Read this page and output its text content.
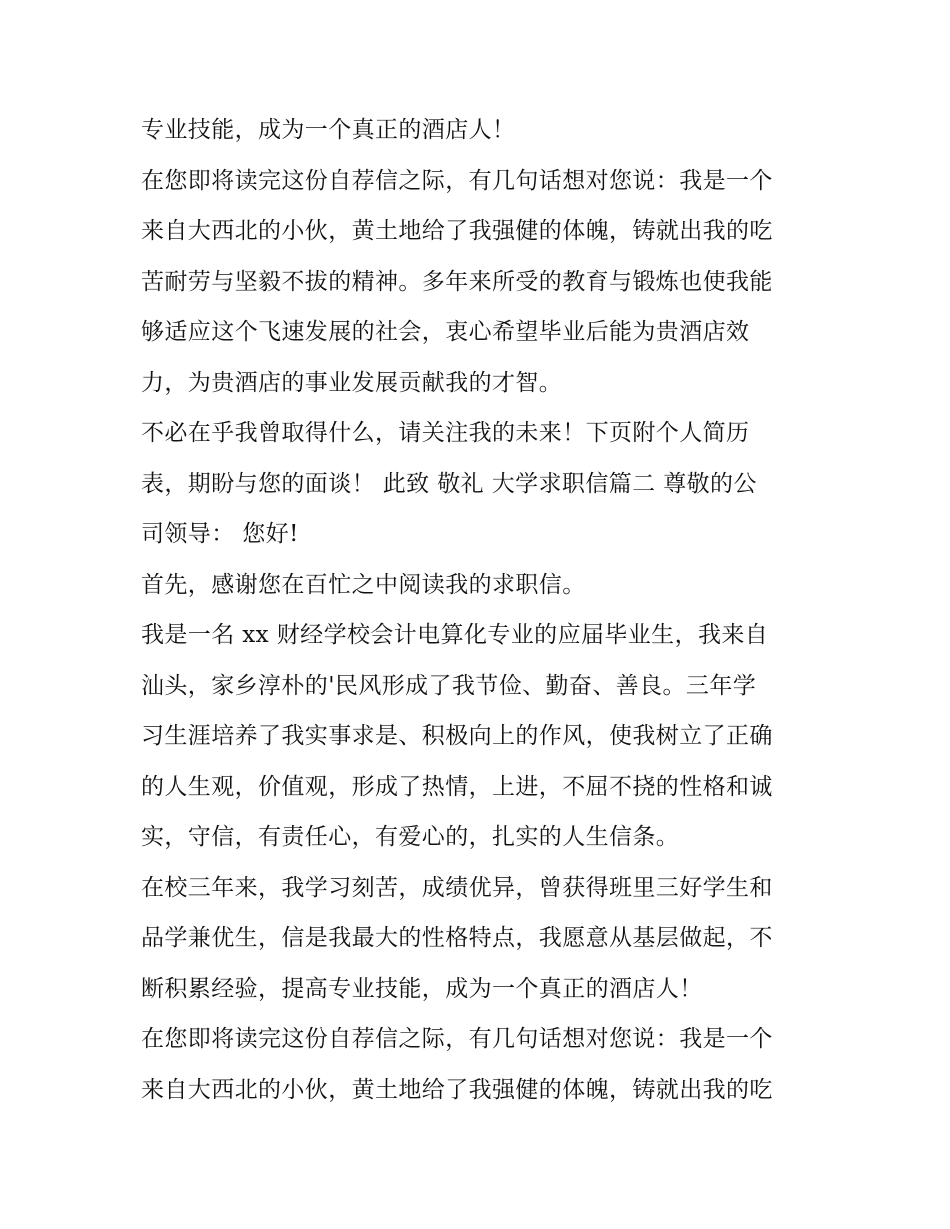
专业技能，成为一个真正的酒店人！
在您即将读完这份自荐信之际，有几句话想对您说：我是一个
来自大西北的小伙，黄土地给了我强健的体魄，铸就出我的吃
苦耐劳与坚毅不拔的精神。多年来所受的教育与锻炼也使我能
够适应这个飞速发展的社会，衷心希望毕业后能为贵酒店效
力，为贵酒店的事业发展贡献我的才智。
不必在乎我曾取得什么，请关注我的未来！下页附个人简历
表，期盼与您的面谈！ 此致 敬礼 大学求职信篇二 尊敬的公
司领导： 您好!
首先，感谢您在百忙之中阅读我的求职信。
我是一名 xx 财经学校会计电算化专业的应届毕业生，我来自
汕头，家乡淳朴的'民风形成了我节俭、勤奋、善良。三年学
习生涯培养了我实事求是、积极向上的作风，使我树立了正确
的人生观，价值观，形成了热情，上进，不屈不挠的性格和诚
实，守信，有责任心，有爱心的，扎实的人生信条。
在校三年来，我学习刻苦，成绩优异，曾获得班里三好学生和
品学兼优生，信是我最大的性格特点，我愿意从基层做起，不
断积累经验，提高专业技能，成为一个真正的酒店人！
在您即将读完这份自荐信之际，有几句话想对您说：我是一个
来自大西北的小伙，黄土地给了我强健的体魄，铸就出我的吃
